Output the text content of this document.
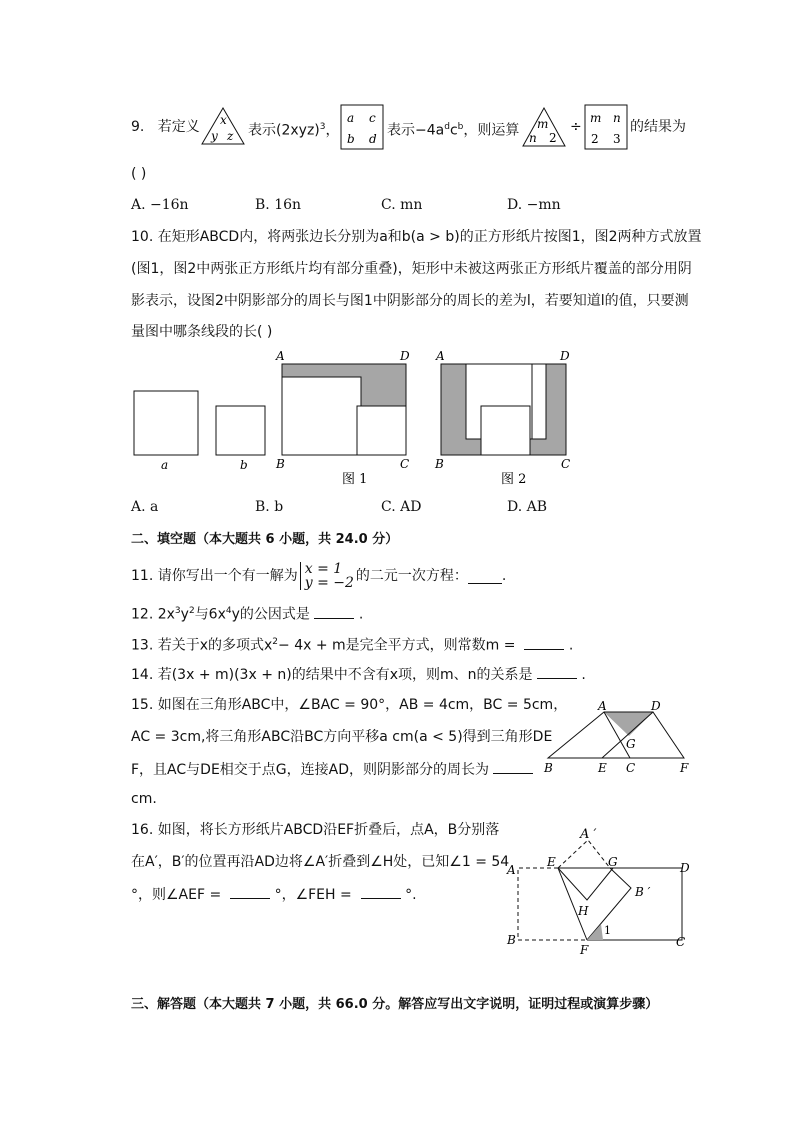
9. 若定义 x
y z 表示$(2xyz)^3$，
a c
b d
表示$-4a^dc^b$，则运算 m
n 2
÷
m n
2 3
的结果为
( )
A. −16n	B. 16n	C. mn	D. −mn
10. 在矩形ABCD内，将两张边长分别为a和b(a > b)的正方形纸片按图1，图2两种方式放置
(图1，图2中两张正方形纸片均有部分重叠)，矩形中未被这两张正方形纸片覆盖的部分用阴
影表示，设图2中阴影部分的周长与图1中阴影部分的周长的差为l，若要知道l的值，只要测
量图中哪条线段的长( )
a	b
A	D
B	C
图 1
A	D
B	C
图 2
A. a	B. b	C. AD	D. AB
二、填空题（本大题共 6 小题，共 24.0 分）
11. 请你写出一个有一解为 x = 1
y = −2 的二元一次方程： .
12. $2x^3y^2$与$6x^4y$的公因式是	.
13. 若关于x的多项式$x^2- 4x + m$是完全平方式，则常数m =	.
14. 若(3x + m)(3x + n)的结果中不含有x项，则m、n的关系是	.
15. 如图在三角形ABC中，∠BAC = 90°，AB = 4cm，BC = 5cm，
AC = 3cm,将三角形ABC沿BC方向平移a cm(a < 5)得到三角形DE
F，且AC与DE相交于点G，连接AD，则阴影部分的周长为
cm.
A	D
G
B	E C	F
16. 如图，将长方形纸片ABCD沿EF折叠后，点A，B分别落
在A′，B′的位置再沿AD边将∠A′折叠到∠H处，已知∠1 = 54
°，则∠AEF =	°，∠FEH =	°.
A ′
A
E	G	D
H
B ′
B
F
C
1
三、解答题（本大题共 7 小题，共 66.0 分。解答应写出文字说明，证明过程或演算步骤）
